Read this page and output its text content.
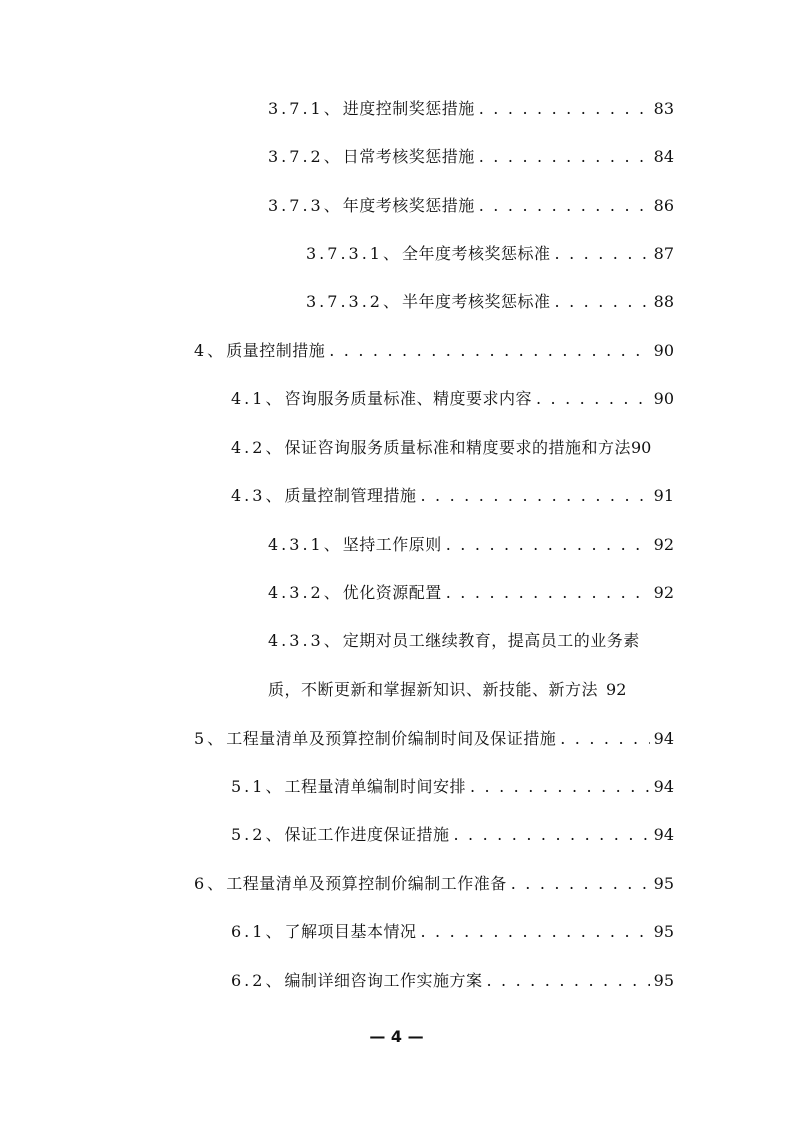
3.7.1、 进度控制奖惩措施 . . .	83
3.7.2、 日常考核奖惩措施 . . .	84
3.7.3、 年度考核奖惩措施 . . .	86
3.7.3.1、 全年度考核奖惩标准 . . .	87
3.7.3.2、 半年度考核奖惩标准 . . .	88
4、 质量控制措施 . . .	90
4.1、 咨询服务质量标准、精度要求内容 . . .	90
4.2、 保证咨询服务质量标准和精度要求的措施和方法 90
4.3、 质量控制管理措施 . . .	91
4.3.1、 坚持工作原则 . . .	92
4.3.2、 优化资源配置 . . .	92
4.3.3、 定期对员工继续教育，提高员工的业务素
质，不断更新和掌握新知识、新技能、新方法 92
5、 工程量清单及预算控制价编制时间及保证措施 . . .	94
5.1、 工程量清单编制时间安排 . . .	94
5.2、 保证工作进度保证措施 . . .	94
6、 工程量清单及预算控制价编制工作准备 . . .	95
6.1、 了解项目基本情况 . . .	95
6.2、 编制详细咨询工作实施方案 . . .	95
— 4 —
